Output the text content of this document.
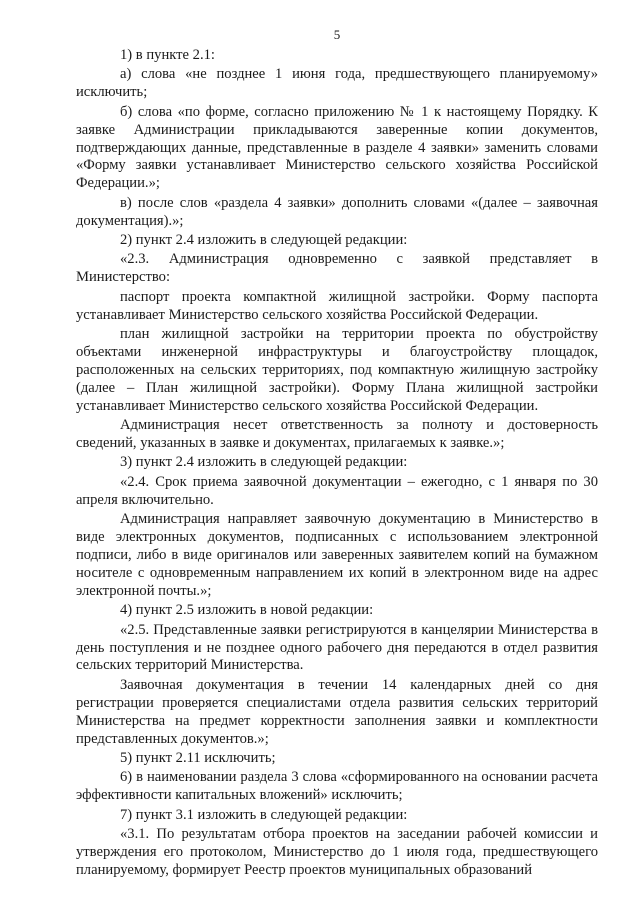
5

1) в пункте 2.1:

а) слова «не позднее 1 июня года, предшествующего планируемому» исключить;

б) слова «по форме, согласно приложению № 1 к настоящему Порядку. К заявке Администрации прикладываются заверенные копии документов, подтверждающих данные, представленные в разделе 4 заявки» заменить словами «Форму заявки устанавливает Министерство сельского хозяйства Российской Федерации.»;

в) после слов «раздела 4 заявки» дополнить словами «(далее – заявочная документация).»;

2) пункт 2.4 изложить в следующей редакции:

«2.3. Администрация одновременно с заявкой представляет в Министерство:

паспорт проекта компактной жилищной застройки. Форму паспорта устанавливает Министерство сельского хозяйства Российской Федерации.

план жилищной застройки на территории проекта по обустройству объектами инженерной инфраструктуры и благоустройству площадок, расположенных на сельских территориях, под компактную жилищную застройку (далее – План жилищной застройки). Форму Плана жилищной застройки устанавливает Министерство сельского хозяйства Российской Федерации.

Администрация несет ответственность за полноту и достоверность сведений, указанных в заявке и документах, прилагаемых к заявке.»;

3) пункт 2.4 изложить в следующей редакции:

«2.4. Срок приема заявочной документации – ежегодно, с 1 января по 30 апреля включительно.

Администрация направляет заявочную документацию в Министерство в виде электронных документов, подписанных с использованием электронной подписи, либо в виде оригиналов или заверенных заявителем копий на бумажном носителе с одновременным направлением их копий в электронном виде на адрес электронной почты.»;

4) пункт 2.5 изложить в новой редакции:

«2.5. Представленные заявки регистрируются в канцелярии Министерства в день поступления и не позднее одного рабочего дня передаются в отдел развития сельских территорий Министерства.

Заявочная документация в течении 14 календарных дней со дня регистрации проверяется специалистами отдела развития сельских территорий Министерства на предмет корректности заполнения заявки и комплектности представленных документов.»;

5) пункт 2.11 исключить;

6) в наименовании раздела 3 слова «сформированного на основании расчета эффективности капитальных вложений» исключить;

7) пункт 3.1 изложить в следующей редакции:

«3.1. По результатам отбора проектов на заседании рабочей комиссии и утверждения его протоколом, Министерство до 1 июля года, предшествующего планируемому, формирует Реестр проектов муниципальных образований
